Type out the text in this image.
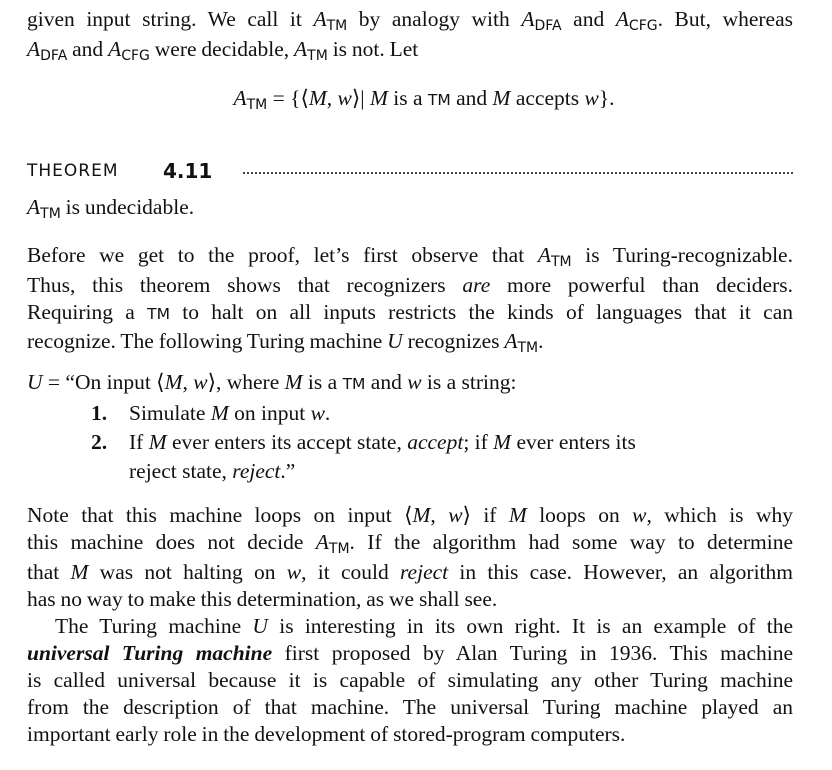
given input string. We call it ATM by analogy with ADFA and ACFG. But, whereas

ADFA and ACFG were decidable, ATM is not. Let

ATM = {⟨M, w⟩| M is a TM and M accepts w}.
THEOREM 4.11

ATM is undecidable.

Before we get to the proof, let’s first observe that ATM is Turing-recognizable.

Thus, this theorem shows that recognizers are more powerful than deciders.

Requiring a TM to halt on all inputs restricts the kinds of languages that it can

recognize. The following Turing machine U recognizes ATM.

U = “On input ⟨M, w⟩, where M is a TM and w is a string:
1. Simulate M on input w.
2. If M ever enters its accept state, accept; if M ever enters its
reject state, reject.”

Note that this machine loops on input ⟨M, w⟩ if M loops on w, which is why

this machine does not decide ATM. If the algorithm had some way to determine

that M was not halting on w, it could reject in this case. However, an algorithm

has no way to make this determination, as we shall see.

The Turing machine U is interesting in its own right. It is an example of the

universal Turing machine first proposed by Alan Turing in 1936. This machine

is called universal because it is capable of simulating any other Turing machine

from the description of that machine. The universal Turing machine played an

important early role in the development of stored-program computers.
